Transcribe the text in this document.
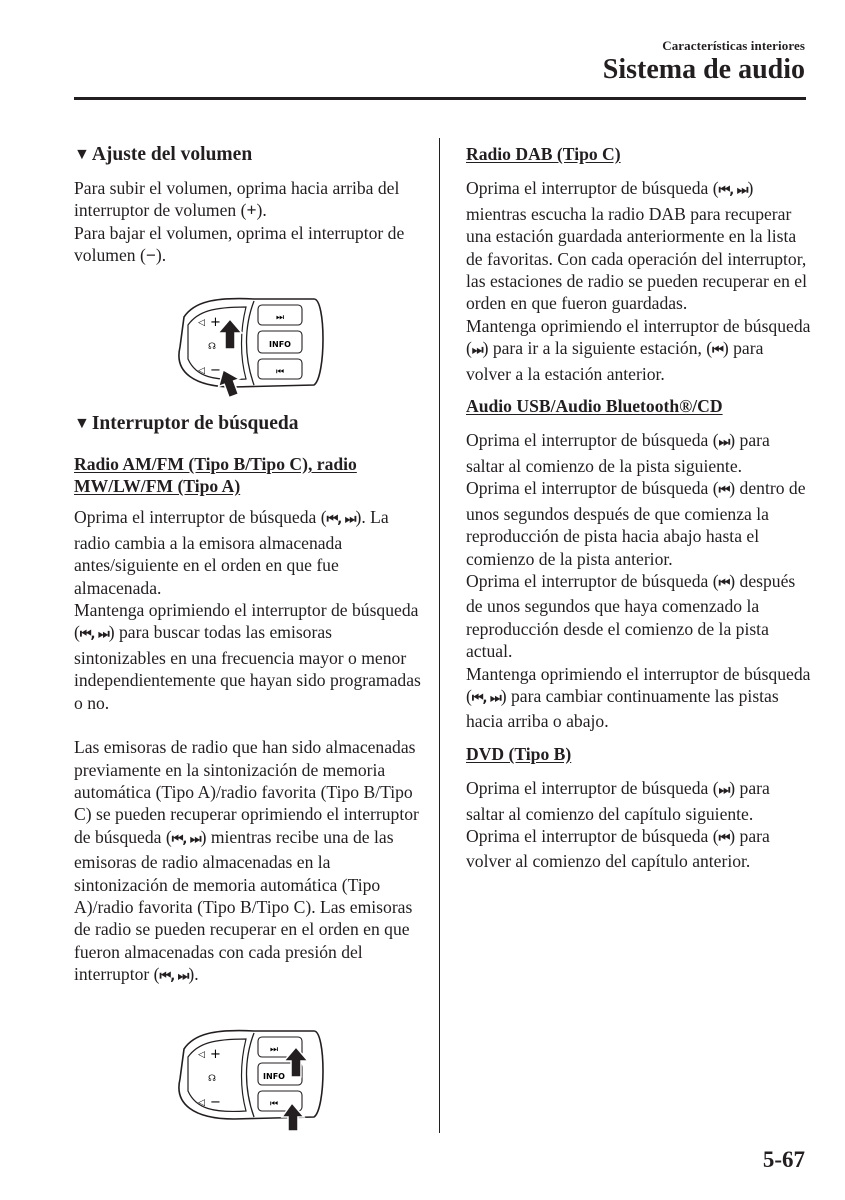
Características interiores
Sistema de audio
▼ Ajuste del volumen

Para subir el volumen, oprima hacia arriba del interruptor de volumen (+).

Para bajar el volumen, oprima el interruptor de volumen (−).

⏭
INFO
⏮
◁ +
☊
◁ −
▼ Interruptor de búsqueda

Radio AM/FM (Tipo B/Tipo C), radio MW/LW/FM (Tipo A)

Oprima el interruptor de búsqueda (⏮, ⏭). La radio cambia a la emisora almacenada antes/siguiente en el orden en que fue almacenada.

Mantenga oprimiendo el interruptor de búsqueda (⏮, ⏭) para buscar todas las emisoras sintonizables en una frecuencia mayor o menor independientemente que hayan sido programadas o no.

Las emisoras de radio que han sido almacenadas previamente en la sintonización de memoria automática (Tipo A)/radio favorita (Tipo B/Tipo C) se pueden recuperar oprimiendo el interruptor de búsqueda (⏮, ⏭) mientras recibe una de las emisoras de radio almacenadas en la sintonización de memoria automática (Tipo A)/radio favorita (Tipo B/Tipo C). Las emisoras de radio se pueden recuperar en el orden en que fueron almacenadas con cada presión del interruptor (⏮, ⏭).

⏭
INFO
⏮
◁ +
☊
◁ −

Radio DAB (Tipo C)

Oprima el interruptor de búsqueda (⏮, ⏭) mientras escucha la radio DAB para recuperar una estación guardada anteriormente en la lista de favoritas. Con cada operación del interruptor, las estaciones de radio se pueden recuperar en el orden en que fueron guardadas.

Mantenga oprimiendo el interruptor de búsqueda (⏭) para ir a la siguiente estación, (⏮) para volver a la estación anterior.

Audio USB/Audio Bluetooth®/CD

Oprima el interruptor de búsqueda (⏭) para saltar al comienzo de la pista siguiente.

Oprima el interruptor de búsqueda (⏮) dentro de unos segundos después de que comienza la reproducción de pista hacia abajo hasta el comienzo de la pista anterior.

Oprima el interruptor de búsqueda (⏮) después de unos segundos que haya comenzado la reproducción desde el comienzo de la pista actual.

Mantenga oprimiendo el interruptor de búsqueda (⏮, ⏭) para cambiar continuamente las pistas hacia arriba o abajo.

DVD (Tipo B)

Oprima el interruptor de búsqueda (⏭) para saltar al comienzo del capítulo siguiente.

Oprima el interruptor de búsqueda (⏮) para volver al comienzo del capítulo anterior.

5-67
